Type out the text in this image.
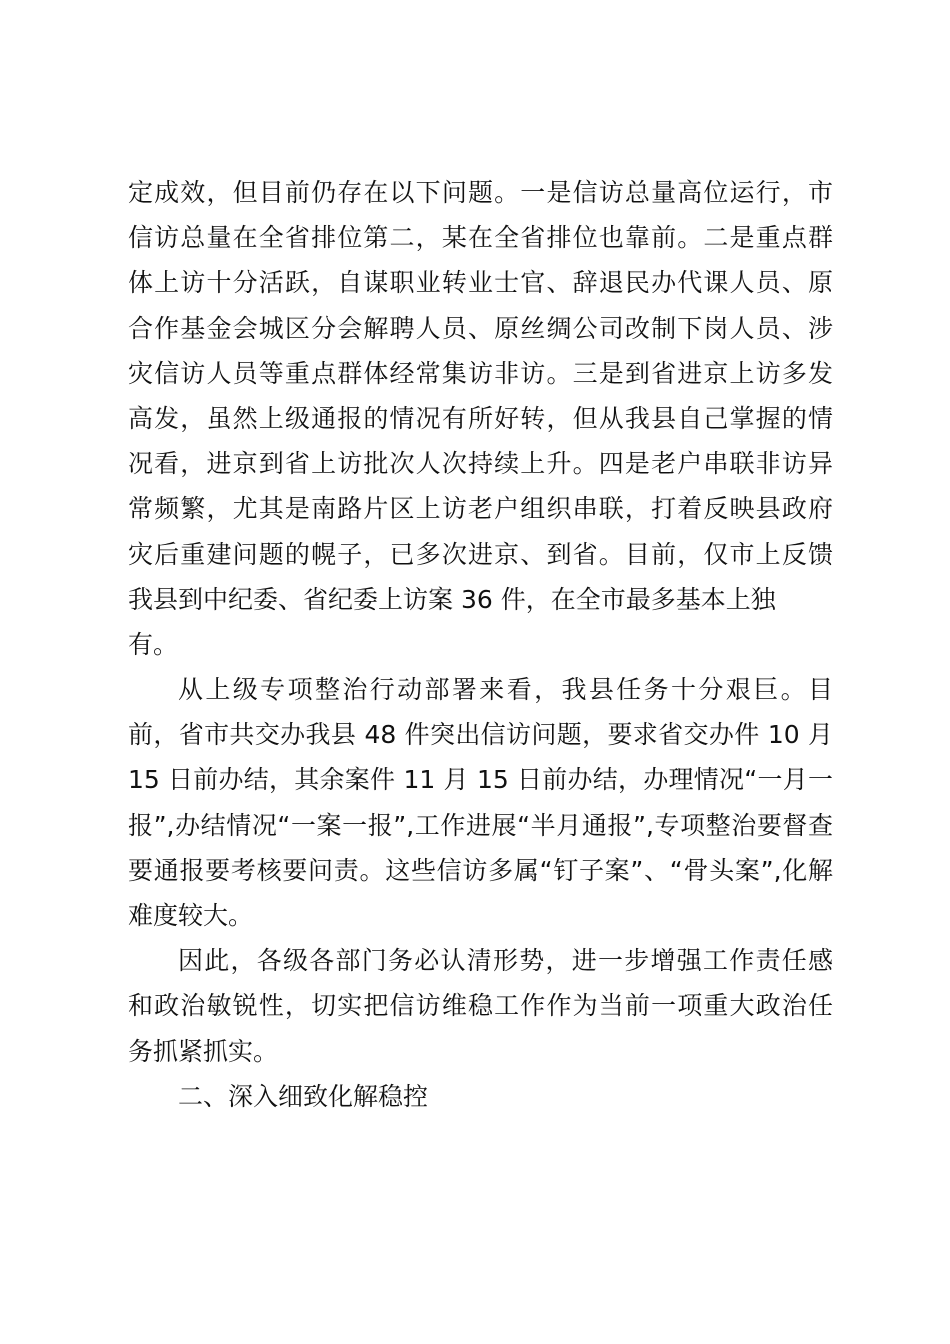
定成效，但目前仍存在以下问题。一是信访总量高位运行，市
信访总量在全省排位第二，某在全省排位也靠前。二是重点群
体上访十分活跃，自谋职业转业士官、辞退民办代课人员、原
合作基金会城区分会解聘人员、原丝绸公司改制下岗人员、涉
灾信访人员等重点群体经常集访非访。三是到省进京上访多发
高发，虽然上级通报的情况有所好转，但从我县自己掌握的情
况看，进京到省上访批次人次持续上升。四是老户串联非访异
常频繁，尤其是南路片区上访老户组织串联，打着反映县政府
灾后重建问题的幌子，已多次进京、到省。目前，仅市上反馈
我县到中纪委、省纪委上访案 36 件，在全市最多基本上独
有。
从上级专项整治行动部署来看，我县任务十分艰巨。目
前，省市共交办我县 48 件突出信访问题，要求省交办件 10 月
15 日前办结，其余案件 11 月 15 日前办结，办理情况“一月一
报”,办结情况“一案一报”,工作进展“半月通报”,专项整治要督查
要通报要考核要问责。这些信访多属“钉子案”、“骨头案”,化解
难度较大。
因此，各级各部门务必认清形势，进一步增强工作责任感
和政治敏锐性，切实把信访维稳工作作为当前一项重大政治任
务抓紧抓实。
二、深入细致化解稳控
